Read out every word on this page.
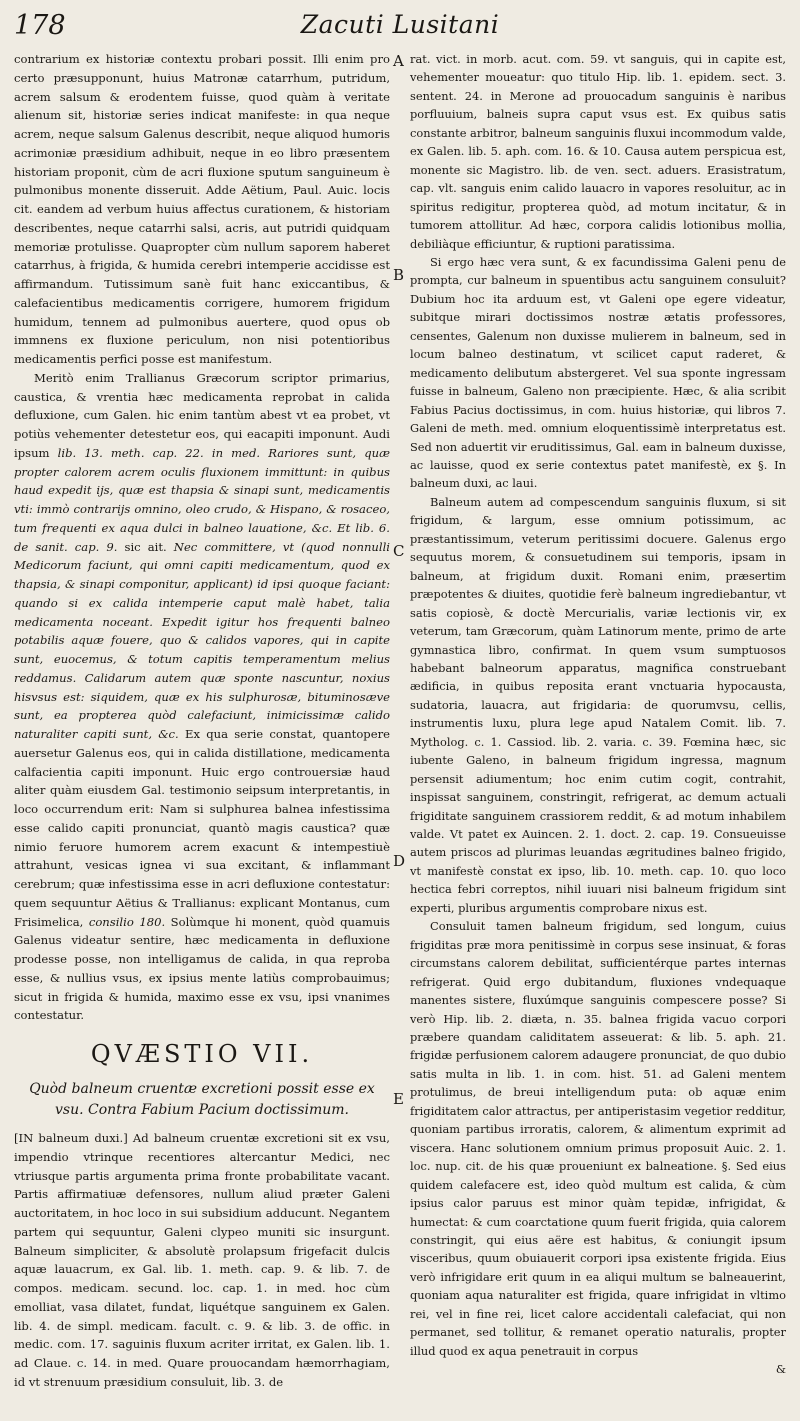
178	Zacuti Lusitani
A
B
C
D
E

contrarium ex historiæ contextu probari possit. Illi enim pro certo præsupponunt, huius Matronæ catarrhum, putridum, acrem salsum & erodentem fuisse, quod quàm à veritate alienum sit, historiæ series indicat manifeste: in qua neque acrem, neque salsum Galenus describit, neque aliquod humoris acrimoniæ præsidium adhibuit, neque in eo libro præsentem historiam proponit, cùm de acri fluxione sputum sanguineum è pulmonibus monente disseruit. Adde Aëtium, Paul. Auic. locis cit. eandem ad verbum huius affectus curationem, & historiam describentes, neque catarrhi salsi, acris, aut putridi quidquam memoriæ protulisse. Quapropter cùm nullum saporem haberet catarrhus, à frigida, & humida cerebri intemperie accidisse est affirmandum. Tutissimum sanè fuit hanc exiccantibus, & calefacientibus medicamentis corrigere, humorem frigidum humidum, tennem ad pulmonibus auertere, quod opus ob immnens ex fluxione periculum, non nisi potentioribus medicamentis perfici posse est manifestum.

Meritò enim Trallianus Græcorum scriptor primarius, caustica, & vrentia hæc medicamenta reprobat in calida defluxione, cum Galen. hic enim tantùm abest vt ea probet, vt potiùs vehementer detestetur eos, qui eacapiti imponunt. Audi ipsum lib. 13. meth. cap. 22. in med. Rariores sunt, quæ propter calorem acrem oculis fluxionem immittunt: in quibus haud expedit ijs, quæ est thapsia & sinapi sunt, medicamentis vti: immò contrarijs omnino, oleo crudo, & Hispano, & rosaceo, tum frequenti ex aqua dulci in balneo lauatione, &c. Et lib. 6. de sanit. cap. 9. sic ait. Nec committere, vt (quod nonnulli Medicorum faciunt, qui omni capiti medicamentum, quod ex thapsia, & sinapi componitur, applicant) id ipsi quoque faciant: quando si ex calida intemperie caput malè habet, talia medicamenta noceant. Expedit igitur hos frequenti balneo potabilis aquæ fouere, quo & calidos vapores, qui in capite sunt, euocemus, & totum capitis temperamentum melius reddamus. Calidarum autem quæ sponte nascuntur, noxius hisvsus est: siquidem, quæ ex his sulphurosæ, bituminosæve sunt, ea propterea quòd calefaciunt, inimicissimæ calido naturaliter capiti sunt, &c. Ex qua serie constat, quantopere auersetur Galenus eos, qui in calida distillatione, medicamenta calfacientia capiti imponunt. Huic ergo controuersiæ haud aliter quàm eiusdem Gal. testimonio seipsum interpretantis, in loco occurrendum erit: Nam si sulphurea balnea infestissima esse calido capiti pronunciat, quantò magis caustica? quæ nimio feruore humorem acrem exacunt & intempestiuè attrahunt, vesicas ignea vi sua excitant, & inflammant cerebrum; quæ infestissima esse in acri defluxione contestatur: quem sequuntur Aëtius & Trallianus: explicant Montanus, cum Frisimelica, consilio 180. Solùmque hi monent, quòd quamuis Galenus videatur sentire, hæc medicamenta in defluxione prodesse posse, non intelligamus de calida, in qua reproba esse, & nullius vsus, ex ipsius mente latiùs comprobauimus; sicut in frigida & humida, maximo esse ex vsu, ipsi vnanimes contestatur.

QVÆSTIO VII.
Quòd balneum cruentæ excretioni possit esse ex vsu. Contra Fabium Pacium doctissimum.

[IN balneum duxi.] Ad balneum cruentæ excretioni sit ex vsu, impendio vtrinque recentiores altercantur Medici, nec vtriusque partis argumenta prima fronte probabilitate vacant. Partis affirmatiuæ defensores, nullum aliud præter Galeni auctoritatem, in hoc loco in sui subsidium adducunt. Negantem partem qui sequuntur, Galeni clypeo muniti sic insurgunt. Balneum simpliciter, & absolutè prolapsum frigefacit dulcis aquæ lauacrum, ex Gal. lib. 1. meth. cap. 9. & lib. 7. de compos. medicam. secund. loc. cap. 1. in med. hoc cùm emolliat, vasa dilatet, fundat, liquétque sanguinem ex Galen. lib. 4. de simpl. medicam. facult. c. 9. & lib. 3. de offic. in medic. com. 17. saguinis fluxum acriter irritat, ex Galen. lib. 1. ad Claue. c. 14. in med. Quare prouocandam hæmorrhagiam, id vt strenuum præsidium consuluit, lib. 3. de

rat. vict. in morb. acut. com. 59. vt sanguis, qui in capite est, vehementer moueatur: quo titulo Hip. lib. 1. epidem. sect. 3. sentent. 24. in Merone ad prouocadum sanguinis è naribus porfluuium, balneis supra caput vsus est. Ex quibus satis constante arbitror, balneum sanguinis fluxui incommodum valde, ex Galen. lib. 5. aph. com. 16. & 10. Causa autem perspicua est, monente sic Magistro. lib. de ven. sect. aduers. Erasistratum, cap. vlt. sanguis enim calido lauacro in vapores resoluitur, ac in spiritus redigitur, propterea quòd, ad motum incitatur, & in tumorem attollitur. Ad hæc, corpora calidis lotionibus mollia, debiliàque efficiuntur, & ruptioni paratissima.

Si ergo hæc vera sunt, & ex facundissima Galeni penu de prompta, cur balneum in spuentibus actu sanguinem consuluit? Dubium hoc ita arduum est, vt Galeni ope egere videatur, subitque mirari doctissimos nostræ ætatis professores, censentes, Galenum non duxisse mulierem in balneum, sed in locum balneo destinatum, vt scilicet caput raderet, & medicamento delibutum abstergeret. Vel sua sponte ingressam fuisse in balneum, Galeno non præcipiente. Hæc, & alia scribit Fabius Pacius doctissimus, in com. huius historiæ, qui libros 7. Galeni de meth. med. omnium eloquentissimè interpretatus est. Sed non aduertit vir eruditissimus, Gal. eam in balneum duxisse, ac lauisse, quod ex serie contextus patet manifestè, ex §. In balneum duxi, ac laui.

Balneum autem ad compescendum sanguinis fluxum, si sit frigidum, & largum, esse omnium potissimum, ac præstantissimum, veterum peritissimi docuere. Galenus ergo sequutus morem, & consuetudinem sui temporis, ipsam in balneum, at frigidum duxit. Romani enim, præsertim præpotentes & diuites, quotidie ferè balneum ingrediebantur, vt satis copiosè, & doctè Mercurialis, variæ lectionis vir, ex veterum, tam Græcorum, quàm Latinorum mente, primo de arte gymnastica libro, confirmat. In quem vsum sumptuosos habebant balneorum apparatus, magnifica construebant ædificia, in quibus reposita erant vnctuaria hypocausta, sudatoria, lauacra, aut frigidaria: de quorumvsu, cellis, instrumentis luxu, plura lege apud Natalem Comit. lib. 7. Mytholog. c. 1. Cassiod. lib. 2. varia. c. 39. Fœmina hæc, sic iubente Galeno, in balneum frigidum ingressa, magnum persensit adiumentum; hoc enim cutim cogit, contrahit, inspissat sanguinem, constringit, refrigerat, ac demum actuali frigiditate sanguinem crassiorem reddit, & ad motum inhabilem valde. Vt patet ex Auincen. 2. 1. doct. 2. cap. 19. Consueuisse autem priscos ad plurimas leuandas ægritudines balneo frigido, vt manifestè constat ex ipso, lib. 10. meth. cap. 10. quo loco hectica febri correptos, nihil iuuari nisi balneum frigidum sint experti, pluribus argumentis comprobare nixus est.

Consuluit tamen balneum frigidum, sed longum, cuius frigiditas præ mora penitissimè in corpus sese insinuat, & foras circumstans calorem debilitat, sufficientérque partes internas refrigerat. Quid ergo dubitandum, fluxiones vndequaque manentes sistere, fluxúmque sanguinis compescere posse? Si verò Hip. lib. 2. diæta, n. 35. balnea frigida vacuo corpori præbere quandam caliditatem asseuerat: & lib. 5. aph. 21. frigidæ perfusionem calorem adaugere pronunciat, de quo dubio satis multa in lib. 1. in com. hist. 51. ad Galeni mentem protulimus, de breui intelligendum puta: ob aquæ enim frigiditatem calor attractus, per antiperistasim vegetior redditur, quoniam partibus irroratis, calorem, & alimentum exprimit ad viscera. Hanc solutionem omnium primus proposuit Auic. 2. 1. loc. nup. cit. de his quæ proueniunt ex balneatione. §. Sed eius quidem calefacere est, ideo quòd multum est calida, & cùm ipsius calor paruus est minor quàm tepidæ, infrigidat, & humectat: & cum coarctatione quum fuerit frigida, quia calorem constringit, qui eius aëre est habitus, & coniungit ipsum visceribus, quum obuiauerit corpori ipsa existente frigida. Eius verò infrigidare erit quum in ea aliqui multum se balneauerint, quoniam aqua naturaliter est frigida, quare infrigidat in vltimo rei, vel in fine rei, licet calore accidentali calefaciat, qui non permanet, sed tollitur, & remanet operatio naturalis, propter illud quod ex aqua penetrauit in corpus

&
